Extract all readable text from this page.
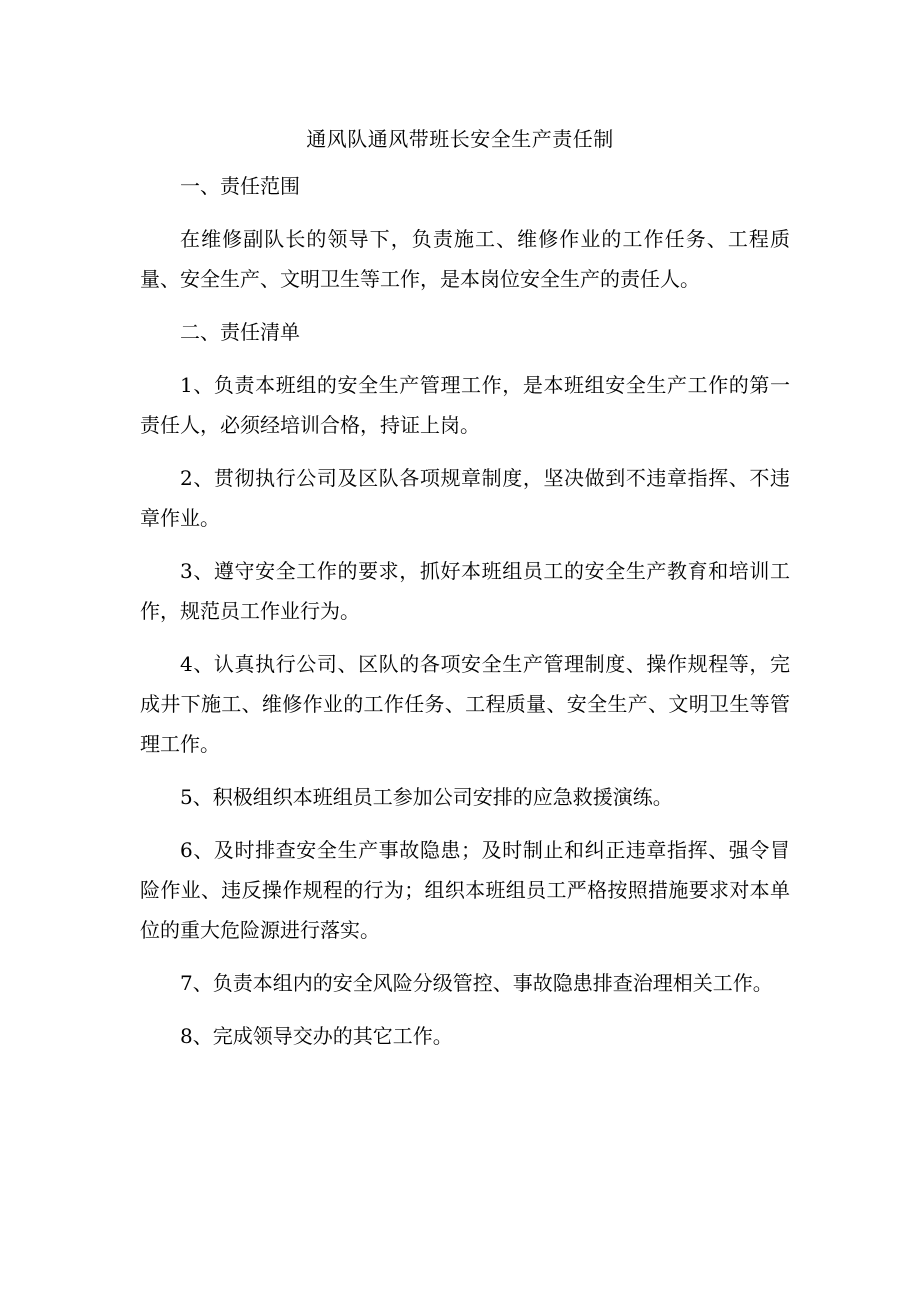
通风队通风带班长安全生产责任制

一、责任范围

在维修副队长的领导下，负责施工、维修作业的工作任务、工程质量、安全生产、文明卫生等工作，是本岗位安全生产的责任人。

二、责任清单

1、负责本班组的安全生产管理工作，是本班组安全生产工作的第一责任人，必须经培训合格，持证上岗。

2、贯彻执行公司及区队各项规章制度，坚决做到不违章指挥、不违章作业。

3、遵守安全工作的要求，抓好本班组员工的安全生产教育和培训工作，规范员工作业行为。

4、认真执行公司、区队的各项安全生产管理制度、操作规程等，完成井下施工、维修作业的工作任务、工程质量、安全生产、文明卫生等管理工作。

5、积极组织本班组员工参加公司安排的应急救援演练。

6、及时排查安全生产事故隐患；及时制止和纠正违章指挥、强令冒险作业、违反操作规程的行为；组织本班组员工严格按照措施要求对本单位的重大危险源进行落实。

7、负责本组内的安全风险分级管控、事故隐患排查治理相关工作。

8、完成领导交办的其它工作。
